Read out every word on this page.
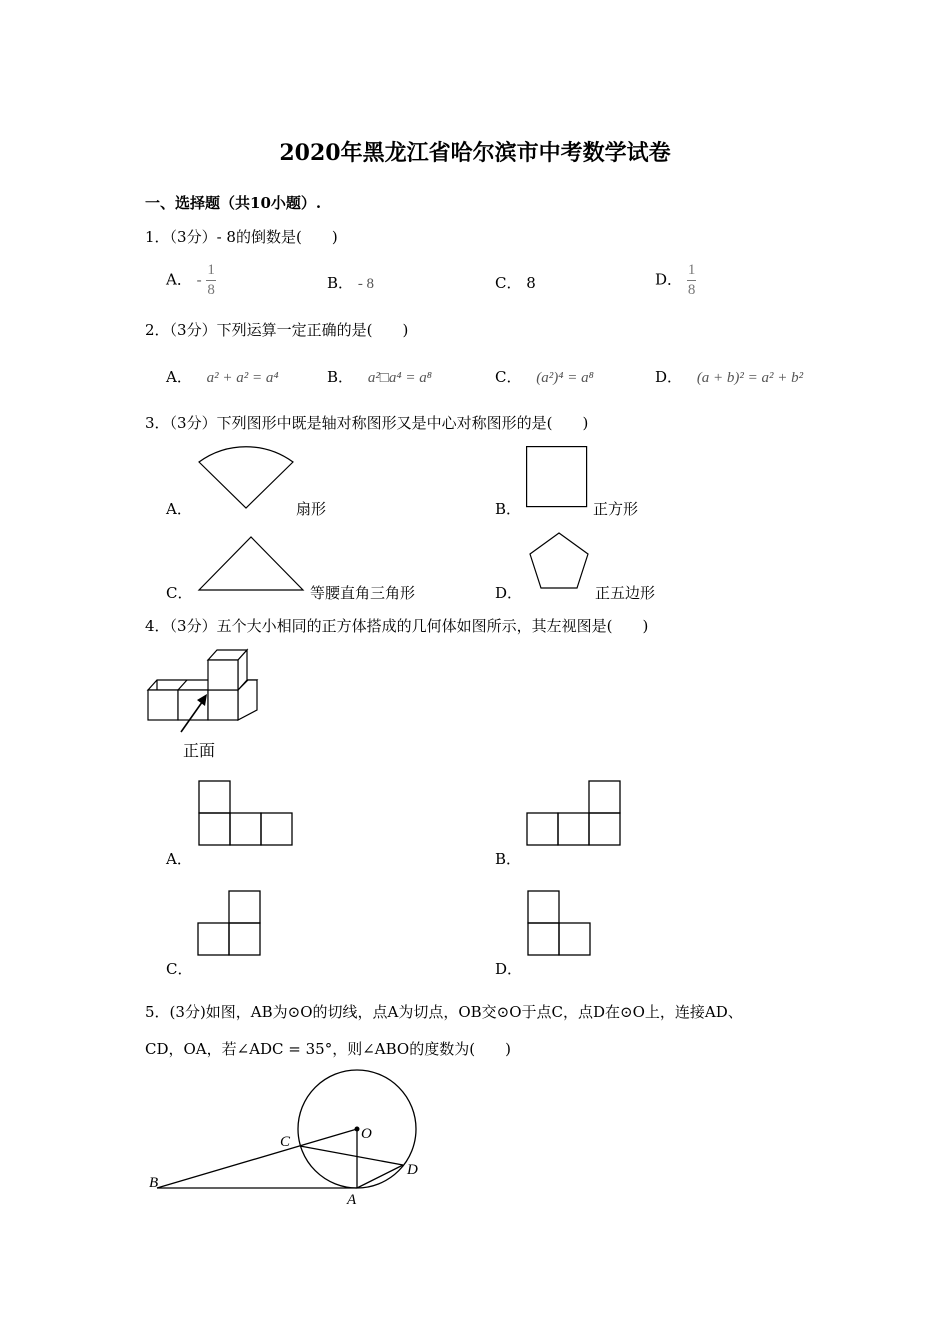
2020年黑龙江省哈尔滨市中考数学试卷
一、选择题（共10小题）.
1．（3分）- 8的倒数是(　　)
A． - $\frac{1}{8}$	B． - 8	C． 8	D． $\frac{1}{8}$
2．（3分）下列运算一定正确的是(　　)
A． a² + a² = a⁴	B． a²□a⁴ = a⁸	C． (a²)⁴ = a⁸	D． (a + b)² = a² + b²
3．（3分）下列图形中既是轴对称图形又是中心对称图形的是(　　)
A．	扇形	B．	正方形
C．	等腰直角三角形	D．	正五边形
4．（3分）五个大小相同的正方体搭成的几何体如图所示，其左视图是(　　)
正面
A．	B．
C．	D．
5．(3分)如图，AB为⊙O的切线，点A为切点，OB交⊙O于点C，点D在⊙O上，连接AD、
CD，OA，若∠ADC = 35°，则∠ABO的度数为(　　)
B
C	O
D
A
